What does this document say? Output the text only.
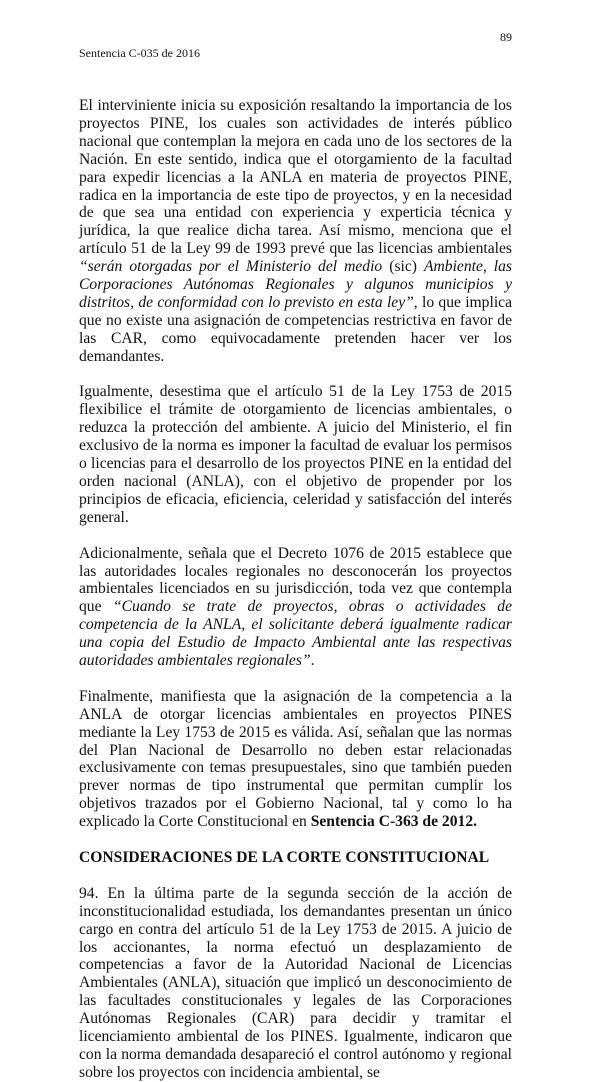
89
Sentencia C-035 de 2016

El interviniente inicia su exposición resaltando la importancia de los proyectos PINE, los cuales son actividades de interés público nacional que contemplan la mejora en cada uno de los sectores de la Nación. En este sentido, indica que el otorgamiento de la facultad para expedir licencias a la ANLA en materia de proyectos PINE, radica en la importancia de este tipo de proyectos, y en la necesidad de que sea una entidad con experiencia y experticia técnica y jurídica, la que realice dicha tarea. Así mismo, menciona que el artículo 51 de la Ley 99 de 1993 prevé que las licencias ambientales “serán otorgadas por el Ministerio del medio (sic) Ambiente, las Corporaciones Autónomas Regionales y algunos municipios y distritos, de conformidad con lo previsto en esta ley”, lo que implica que no existe una asignación de competencias restrictiva en favor de las CAR, como equivocadamente pretenden hacer ver los demandantes.

Igualmente, desestima que el artículo 51 de la Ley 1753 de 2015 flexibilice el trámite de otorgamiento de licencias ambientales, o reduzca la protección del ambiente. A juicio del Ministerio, el fin exclusivo de la norma es imponer la facultad de evaluar los permisos o licencias para el desarrollo de los proyectos PINE en la entidad del orden nacional (ANLA), con el objetivo de propender por los principios de eficacia, eficiencia, celeridad y satisfacción del interés general.

Adicionalmente, señala que el Decreto 1076 de 2015 establece que las autoridades locales regionales no desconocerán los proyectos ambientales licenciados en su jurisdicción, toda vez que contempla que “Cuando se trate de proyectos, obras o actividades de competencia de la ANLA, el solicitante deberá igualmente radicar una copia del Estudio de Impacto Ambiental ante las respectivas autoridades ambientales regionales”.

Finalmente, manifiesta que la asignación de la competencia a la ANLA de otorgar licencias ambientales en proyectos PINES mediante la Ley 1753 de 2015 es válida. Así, señalan que las normas del Plan Nacional de Desarrollo no deben estar relacionadas exclusivamente con temas presupuestales, sino que también pueden prever normas de tipo instrumental que permitan cumplir los objetivos trazados por el Gobierno Nacional, tal y como lo ha explicado la Corte Constitucional en Sentencia C-363 de 2012.

CONSIDERACIONES DE LA CORTE CONSTITUCIONAL

94. En la última parte de la segunda sección de la acción de inconstitucionalidad estudiada, los demandantes presentan un único cargo en contra del artículo 51 de la Ley 1753 de 2015. A juicio de los accionantes, la norma efectuó un desplazamiento de competencias a favor de la Autoridad Nacional de Licencias Ambientales (ANLA), situación que implicó un desconocimiento de las facultades constitucionales y legales de las Corporaciones Autónomas Regionales (CAR) para decidir y tramitar el licenciamiento ambiental de los PINES. Igualmente, indicaron que con la norma demandada desapareció el control autónomo y regional sobre los proyectos con incidencia ambiental, se
